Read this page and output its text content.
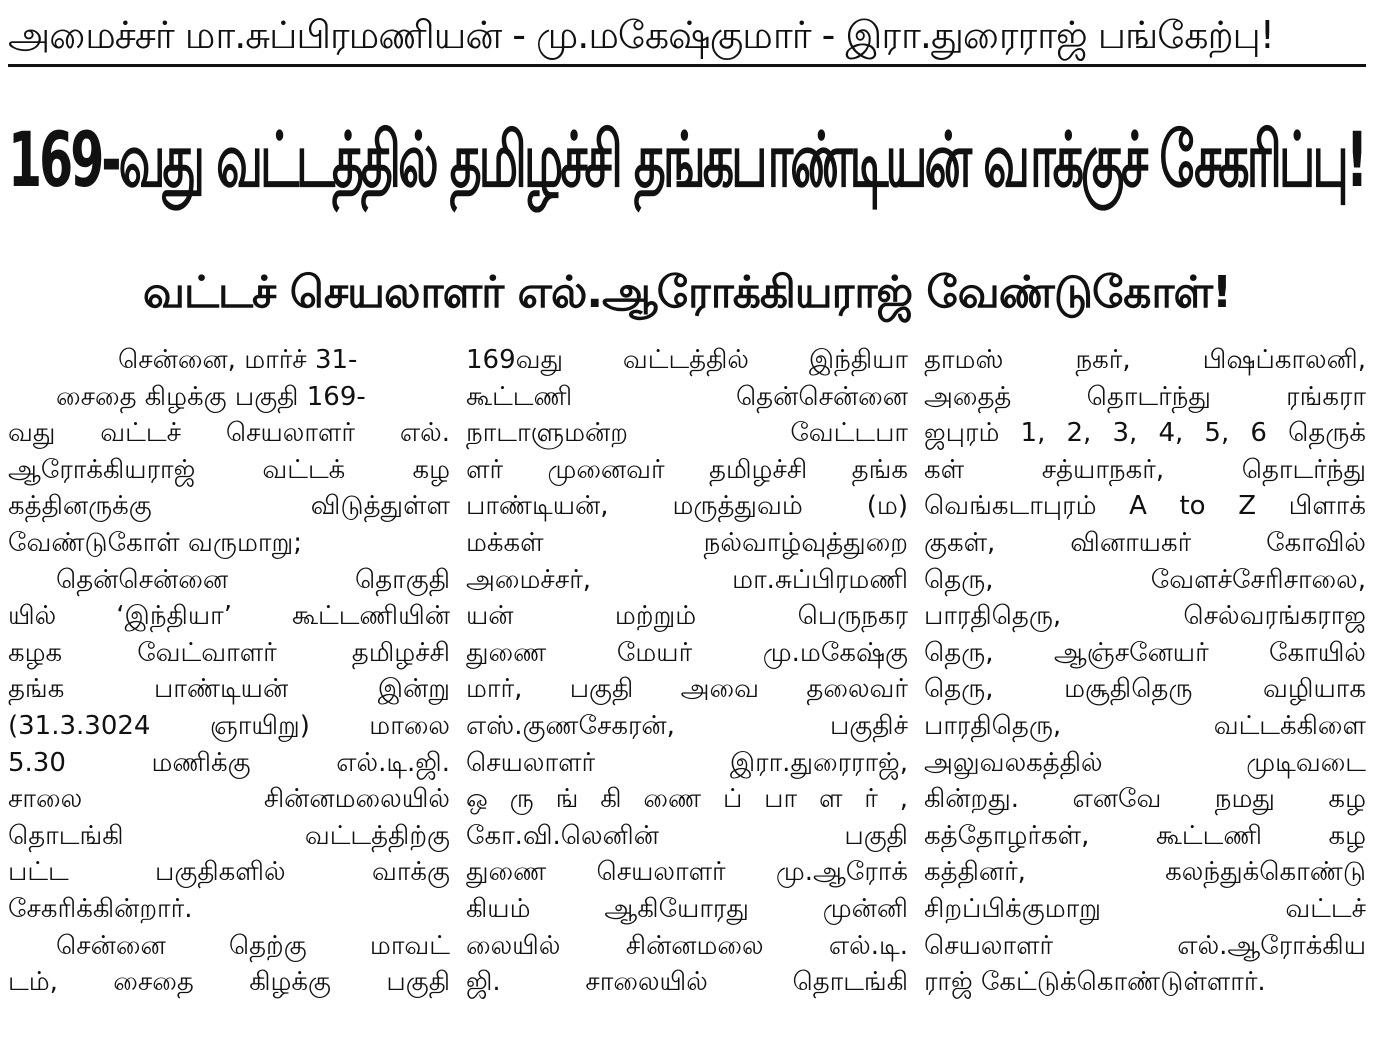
அமைச்சர் மா.சுப்பிரமணியன் - மு.மகேஷ்குமார் - இரா.துரைராஜ் பங்கேற்பு!
169-வது வட்டத்தில் தமிழச்சி தங்கபாண்டியன் வாக்குச் சேகரிப்பு!
வட்டச் செயலாளர் எல்.ஆரோக்கியராஜ் வேண்டுகோள்!
சென்னை, மார்ச் 31-
சைதை கிழக்கு பகுதி 169-
வது வட்டச் செயலாளர் எல்.
ஆரோக்கியராஜ் வட்டக் கழ
கத்தினருக்கு விடுத்துள்ள
வேண்டுகோள் வருமாறு;
தென்சென்னை தொகுதி
யில் ‘இந்தியா’ கூட்டணியின்
கழக வேட்வாளர் தமிழச்சி
தங்க பாண்டியன் இன்று
(31.3.3024 ஞாயிறு) மாலை
5.30 மணிக்கு எல்.டி.ஜி.
சாலை சின்னமலையில்
தொடங்கி வட்டத்திற்கு
பட்ட பகுதிகளில் வாக்கு
சேகரிக்கின்றார்.
சென்னை தெற்கு மாவட்
டம், சைதை கிழக்கு பகுதி
169வது வட்டத்தில் இந்தியா
கூட்டணி தென்சென்னை
நாடாளுமன்ற வேட்டபா
ளர் முனைவர் தமிழச்சி தங்க
பாண்டியன், மருத்துவம் (ம)
மக்கள் நல்வாழ்வுத்துறை
அமைச்சர், மா.சுப்பிரமணி
யன் மற்றும் பெருநகர
துணை மேயர் மு.மகேஷ்கு
மார், பகுதி அவை தலைவர்
எஸ்.குணசேகரன், பகுதிச்
செயலாளர் இரா.துரைராஜ்,
ஒ ரு ங் கி ணை ப் பா ள ர் ,
கோ.வி.லெனின் பகுதி
துணை செயலாளர் மு.ஆரோக்
கியம் ஆகியோரது முன்னி
லையில் சின்னமலை எல்.டி.
ஜி. சாலையில் தொடங்கி
தாமஸ் நகர், பிஷப்காலனி,
அதைத் தொடர்ந்து ரங்கரா
ஜபுரம் 1, 2, 3, 4, 5, 6 தெருக்
கள் சத்யாநகர், தொடர்ந்து
வெங்கடாபுரம் A to Z பிளாக்
குகள், வினாயகர் கோவில்
தெரு, வேளச்சேரிசாலை,
பாரதிதெரு, செல்வரங்கராஜ
தெரு, ஆஞ்சனேயர் கோயில்
தெரு, மசூதிதெரு வழியாக
பாரதிதெரு, வட்டக்கிளை
அலுவலகத்தில் முடிவடை
கின்றது. எனவே நமது கழ
கத்தோழர்கள், கூட்டணி கழ
கத்தினர், கலந்துக்கொண்டு
சிறப்பிக்குமாறு வட்டச்
செயலாளர் எல்.ஆரோக்கிய
ராஜ் கேட்டுக்கொண்டுள்ளார்.
